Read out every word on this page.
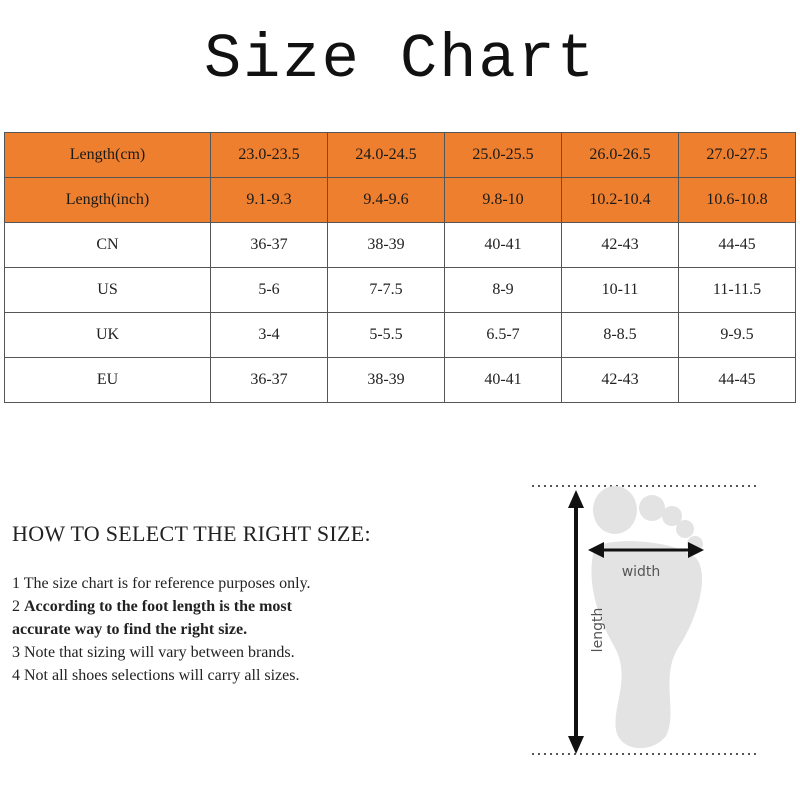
Size Chart
Length(cm)	23.0-23.5	24.0-24.5	25.0-25.5	26.0-26.5	27.0-27.5
Length(inch)	9.1-9.3	9.4-9.6	9.8-10	10.2-10.4	10.6-10.8
CN	36-37	38-39	40-41	42-43	44-45
US	5-6	7-7.5	8-9	10-11	11-11.5
UK	3-4	5-5.5	6.5-7	8-8.5	9-9.5
EU	36-37	38-39	40-41	42-43	44-45
HOW TO SELECT THE RIGHT SIZE:
1 The size chart is for reference purposes only.
2 According to the foot length is the most
accurate way to find the right size.
3 Note that sizing will vary between brands.
4 Not all shoes selections will carry all sizes.
width
length
